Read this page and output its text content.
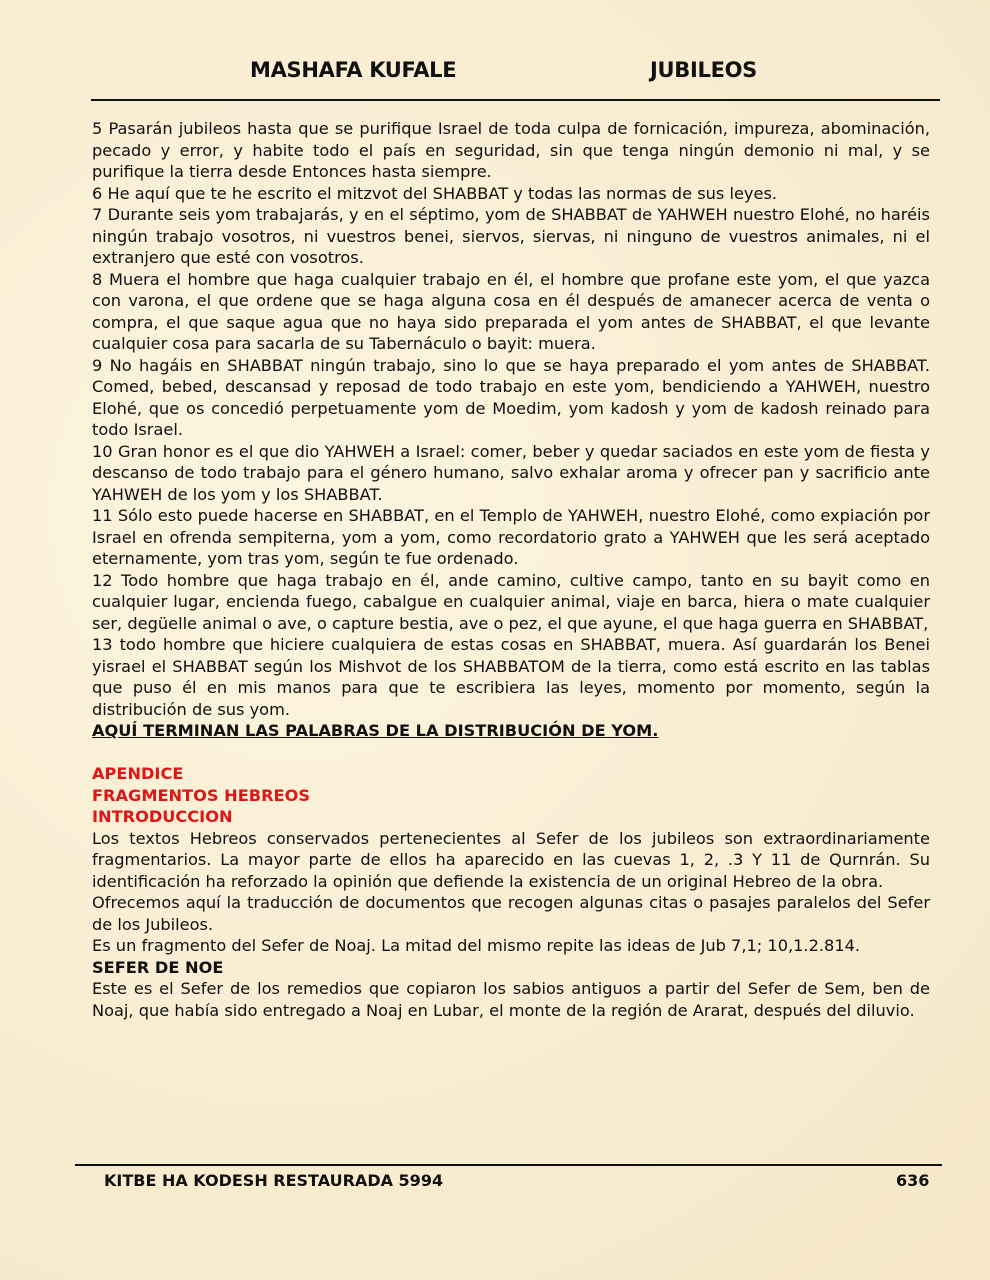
MASHAFA KUFALE	JUBILEOS

5 Pasarán jubileos hasta que se purifique Israel de toda culpa de fornicación, impureza, abominación, pecado y error, y habite todo el país en seguridad, sin que tenga ningún demonio ni mal, y se purifique la tierra desde Entonces hasta siempre.

6 He aquí que te he escrito el mitzvot del SHABBAT y todas las normas de sus leyes.

7 Durante seis yom trabajarás, y en el séptimo, yom de SHABBAT de YAHWEH nuestro Elohé, no haréis ningún trabajo vosotros, ni vuestros benei, siervos, siervas, ni ninguno de vuestros animales, ni el extranjero que esté con vosotros.

8 Muera el hombre que haga cualquier trabajo en él, el hombre que profane este yom, el que yazca con varona, el que ordene que se haga alguna cosa en él después de amanecer acerca de venta o compra, el que saque agua que no haya sido preparada el yom antes de SHABBAT, el que levante cualquier cosa para sacarla de su Tabernáculo o bayit: muera.

9 No hagáis en SHABBAT ningún trabajo, sino lo que se haya preparado el yom antes de SHABBAT. Comed, bebed, descansad y reposad de todo trabajo en este yom, bendiciendo a YAHWEH, nuestro Elohé, que os concedió perpetuamente yom de Moedim, yom kadosh y yom de kadosh reinado para todo Israel.

10 Gran honor es el que dio YAHWEH a Israel: comer, beber y quedar saciados en este yom de fiesta y descanso de todo trabajo para el género humano, salvo exhalar aroma y ofrecer pan y sacrificio ante YAHWEH de los yom y los SHABBAT.

11 Sólo esto puede hacerse en SHABBAT, en el Templo de YAHWEH, nuestro Elohé, como expiación por Israel en ofrenda sempiterna, yom a yom, como recordatorio grato a YAHWEH que les será aceptado eternamente, yom tras yom, según te fue ordenado.

12 Todo hombre que haga trabajo en él, ande camino, cultive campo, tanto en su bayit como en cualquier lugar, encienda fuego, cabalgue en cualquier animal, viaje en barca, hiera o mate cualquier ser, degüelle animal o ave, o capture bestia, ave o pez, el que ayune, el que haga guerra en SHABBAT,

13 todo hombre que hiciere cualquiera de estas cosas en SHABBAT, muera. Así guardarán los Benei yisrael el SHABBAT según los Mishvot de los SHABBATOM de la tierra, como está escrito en las tablas que puso él en mis manos para que te escribiera las leyes, momento por momento, según la distribución de sus yom.

AQUÍ TERMINAN LAS PALABRAS DE LA DISTRIBUCIÓN DE YOM.

APENDICE

FRAGMENTOS HEBREOS

INTRODUCCION

Los textos Hebreos conservados pertenecientes al Sefer de los jubileos son extraordinariamente fragmentarios. La mayor parte de ellos ha aparecido en las cuevas 1, 2, .3 Y 11 de Qurnrán. Su identificación ha reforzado la opinión que defiende la existencia de un original Hebreo de la obra.

Ofrecemos aquí la traducción de documentos que recogen algunas citas o pasajes paralelos del Sefer de los Jubileos.

Es un fragmento del Sefer de Noaj. La mitad del mismo repite las ideas de Jub 7,1; 10,1.2.814.

SEFER DE NOE

Este es el Sefer de los remedios que copiaron los sabios antiguos a partir del Sefer de Sem, ben de Noaj, que había sido entregado a Noaj en Lubar, el monte de la región de Ararat, después del diluvio.

KITBE HA KODESH RESTAURADA 5994	636
